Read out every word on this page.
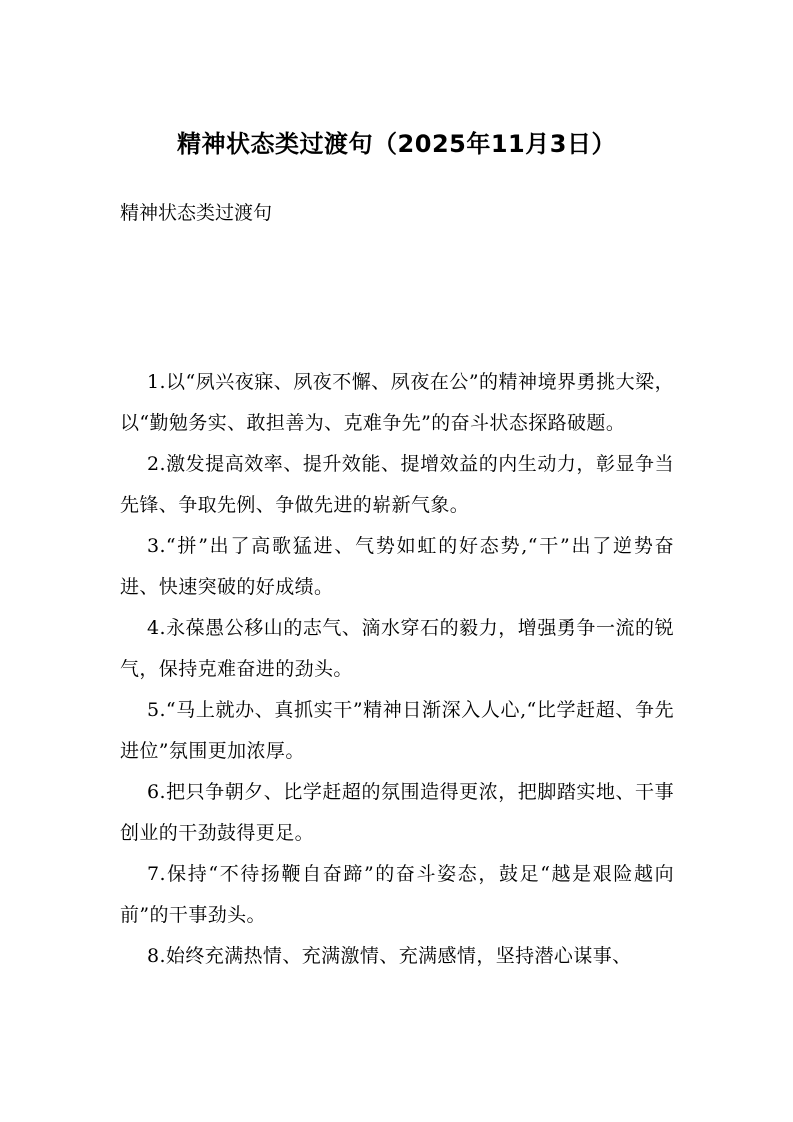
精神状态类过渡句（2025年11月3日）
精神状态类过渡句

1.以“夙兴夜寐、夙夜不懈、夙夜在公”的精神境界勇挑大梁，以“勤勉务实、敢担善为、克难争先”的奋斗状态探路破题。

2.激发提高效率、提升效能、提增效益的内生动力，彰显争当先锋、争取先例、争做先进的崭新气象。

3.“拼”出了高歌猛进、气势如虹的好态势,“干”出了逆势奋进、快速突破的好成绩。

4.永葆愚公移山的志气、滴水穿石的毅力，增强勇争一流的锐气，保持克难奋进的劲头。

5.“马上就办、真抓实干”精神日渐深入人心,“比学赶超、争先进位”氛围更加浓厚。

6.把只争朝夕、比学赶超的氛围造得更浓，把脚踏实地、干事创业的干劲鼓得更足。

7.保持“不待扬鞭自奋蹄”的奋斗姿态，鼓足“越是艰险越向前”的干事劲头。

8.始终充满热情、充满激情、充满感情，坚持潜心谋事、
